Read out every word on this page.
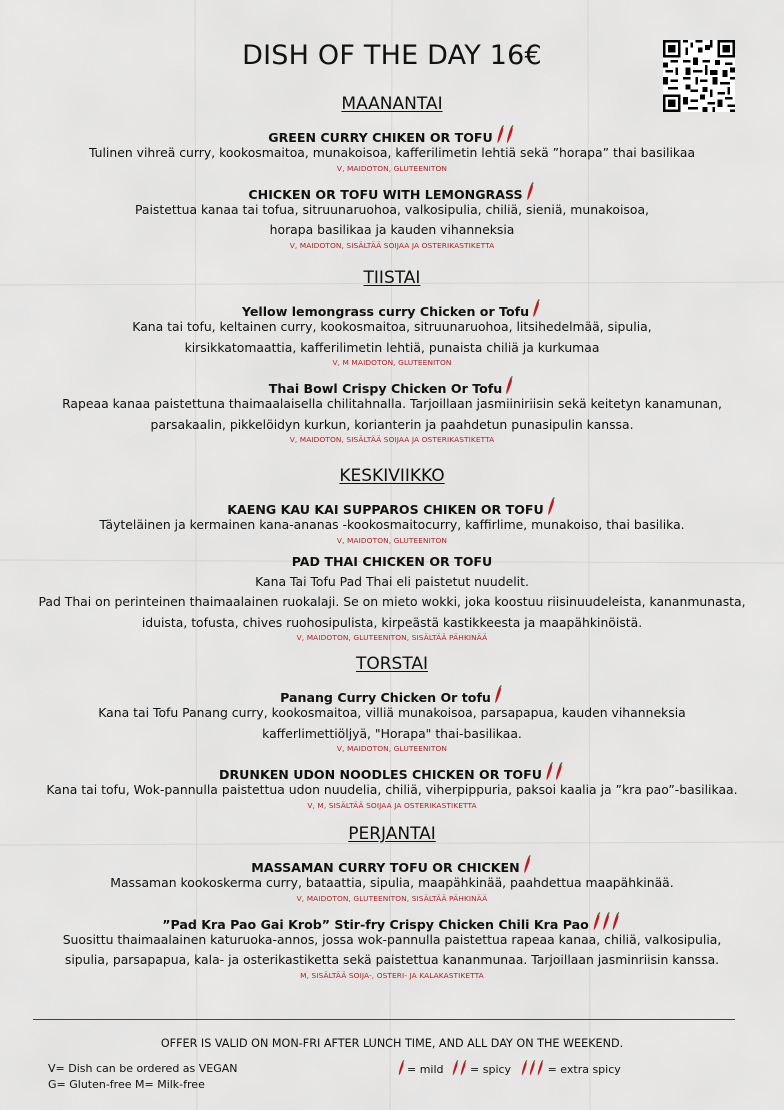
DISH OF THE DAY 16€
MAANANTAI
GREEN CURRY CHIKEN OR TOFU
Tulinen vihreä curry, kookosmaitoa, munakoisoa, kafferilimetin lehtiä sekä ”horapa” thai basilikaa
V, MAIDOTON, GLUTEENITON
CHICKEN OR TOFU WITH LEMONGRASS
Paistettua kanaa tai tofua, sitruunaruohoa, valkosipulia, chiliä, sieniä, munakoisoa,
horapa basilikaa ja kauden vihanneksia
V, MAIDOTON, SISÄLTÄÄ SOIJAA JA OSTERIKASTIKETTA
TIISTAI
Yellow lemongrass curry Chicken or Tofu
Kana tai tofu, keltainen curry, kookosmaitoa, sitruunaruohoa, litsihedelmää, sipulia,
kirsikkatomaattia, kafferilimetin lehtiä, punaista chiliä ja kurkumaa
V, M MAIDOTON, GLUTEENITON
Thai Bowl Crispy Chicken Or Tofu
Rapeaa kanaa paistettuna thaimaalaisella chilitahnalla. Tarjoillaan jasmiiniriisin sekä keitetyn kanamunan,
parsakaalin, pikkelöidyn kurkun, korianterin ja paahdetun punasipulin kanssa.
V, MAIDOTON, SISÄLTÄÄ SOIJAA JA OSTERIKASTIKETTA
KESKIVIIKKO
KAENG KAU KAI SUPPAROS CHIKEN OR TOFU
Täyteläinen ja kermainen kana-ananas -kookosmaitocurry, kaffirlime, munakoiso, thai basilika.
V, MAIDOTON, GLUTEENITON
PAD THAI CHICKEN OR TOFU
Kana Tai Tofu Pad Thai eli paistetut nuudelit.
Pad Thai on perinteinen thaimaalainen ruokalaji. Se on mieto wokki, joka koostuu riisinuudeleista, kananmunasta,
iduista, tofusta, chives ruohosipulista, kirpeästä kastikkeesta ja maapähkinöistä.
V, MAIDOTON, GLUTEENITON, SISÄLTÄÄ PÄHKINÄÄ
TORSTAI
Panang Curry Chicken Or tofu
Kana tai Tofu Panang curry, kookosmaitoa, villiä munakoisoa, parsapapua, kauden vihanneksia
kafferlimettiöljyä, "Horapa" thai-basilikaa.
V, MAIDOTON, GLUTEENITON
DRUNKEN UDON NOODLES CHICKEN OR TOFU
Kana tai tofu, Wok-pannulla paistettua udon nuudelia, chiliä, viherpippuria, paksoi kaalia ja ”kra pao”-basilikaa.
V, M, SISÄLTÄÄ SOIJAA JA OSTERIKASTIKETTA
PERJANTAI
MASSAMAN CURRY TOFU OR CHICKEN
Massaman kookoskerma curry, bataattia, sipulia, maapähkinää, paahdettua maapähkinää.
V, MAIDOTON, GLUTEENITON, SISÄLTÄÄ PÄHKINÄÄ
”Pad Kra Pao Gai Krob” Stir-fry Crispy Chicken Chili Kra Pao
Suosittu thaimaalainen katuruoka-annos, jossa wok-pannulla paistettua rapeaa kanaa, chiliä, valkosipulia,
sipulia, parsapapua, kala- ja osterikastiketta sekä paistettua kananmunaa. Tarjoillaan jasminriisin kanssa.
M, SISÄLTÄÄ SOIJA-, OSTERI- JA KALAKASTIKETTA
OFFER IS VALID ON MON-FRI AFTER LUNCH TIME, AND ALL DAY ON THE WEEKEND.
V= Dish can be ordered as VEGAN
G= Gluten-free M= Milk-free
= mild = spicy	= extra spicy
